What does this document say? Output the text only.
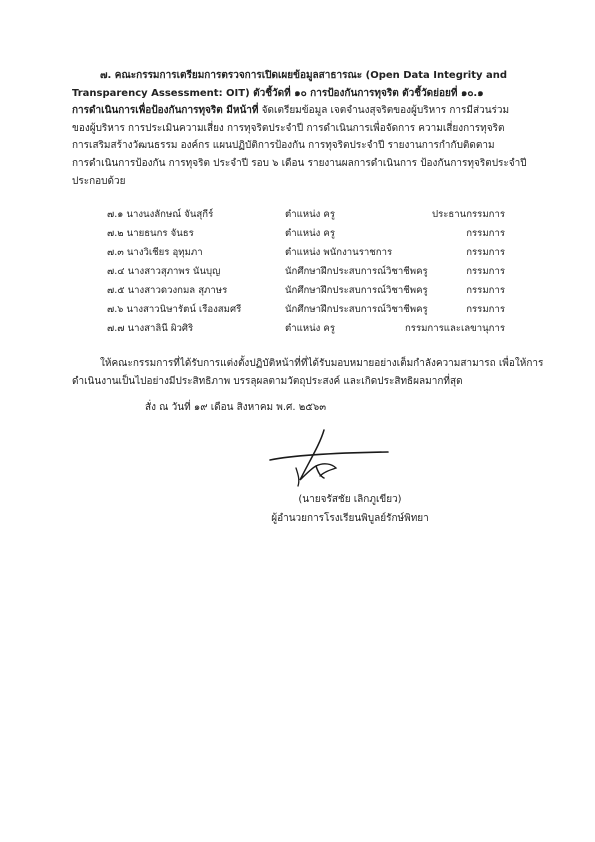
๗. คณะกรรมการเตรียมการตรวจการเปิดเผยข้อมูลสาธารณะ (Open Data Integrity and
Transparency Assessment: OIT) ตัวชี้วัดที่ ๑๐ การป้องกันการทุจริต ตัวชี้วัดย่อยที่ ๑๐.๑
การดำเนินการเพื่อป้องกันการทุจริต มีหน้าที่ จัดเตรียมข้อมูล เจตจำนงสุจริตของผู้บริหาร การมีส่วนร่วม
ของผู้บริหาร การประเมินความเสี่ยง การทุจริตประจำปี การดำเนินการเพื่อจัดการ ความเสี่ยงการทุจริต
การเสริมสร้างวัฒนธรรม องค์กร แผนปฏิบัติการป้องกัน การทุจริตประจำปี รายงานการกำกับติดตาม
การดำเนินการป้องกัน การทุจริต ประจำปี รอบ ๖ เดือน รายงานผลการดำเนินการ ป้องกันการทุจริตประจำปี
ประกอบด้วย
๗.๑ นางนงลักษณ์ จันสุกีร์	ตำแหน่ง ครู	ประธานกรรมการ
๗.๒ นายธนกร จันธร	ตำแหน่ง ครู	กรรมการ
๗.๓ นางวิเชียร อุทุมภา	ตำแหน่ง พนักงานราชการ	กรรมการ
๗.๔ นางสาวสุภาพร นันบุญ	นักศึกษาฝึกประสบการณ์วิชาชีพครู	กรรมการ
๗.๕ นางสาวดวงกมล สุภาษร	นักศึกษาฝึกประสบการณ์วิชาชีพครู	กรรมการ
๗.๖ นางสาวนิษารัตน์ เรืองสมศรี	นักศึกษาฝึกประสบการณ์วิชาชีพครู	กรรมการ
๗.๗ นางสาลินี ผิวศิริ	ตำแหน่ง ครู	กรรมการและเลขานุการ
ให้คณะกรรมการที่ได้รับการแต่งตั้งปฏิบัติหน้าที่ที่ได้รับมอบหมายอย่างเต็มกำลังความสามารถ เพื่อให้การ
ดำเนินงานเป็นไปอย่างมีประสิทธิภาพ บรรลุผลตามวัตถุประสงค์ และเกิดประสิทธิผลมากที่สุด
สั่ง ณ วันที่ ๑๙ เดือน สิงหาคม พ.ศ. ๒๕๖๓
(นายจรัสชัย เลิกภูเขียว)
ผู้อำนวยการโรงเรียนพิบูลย์รักษ์พิทยา
